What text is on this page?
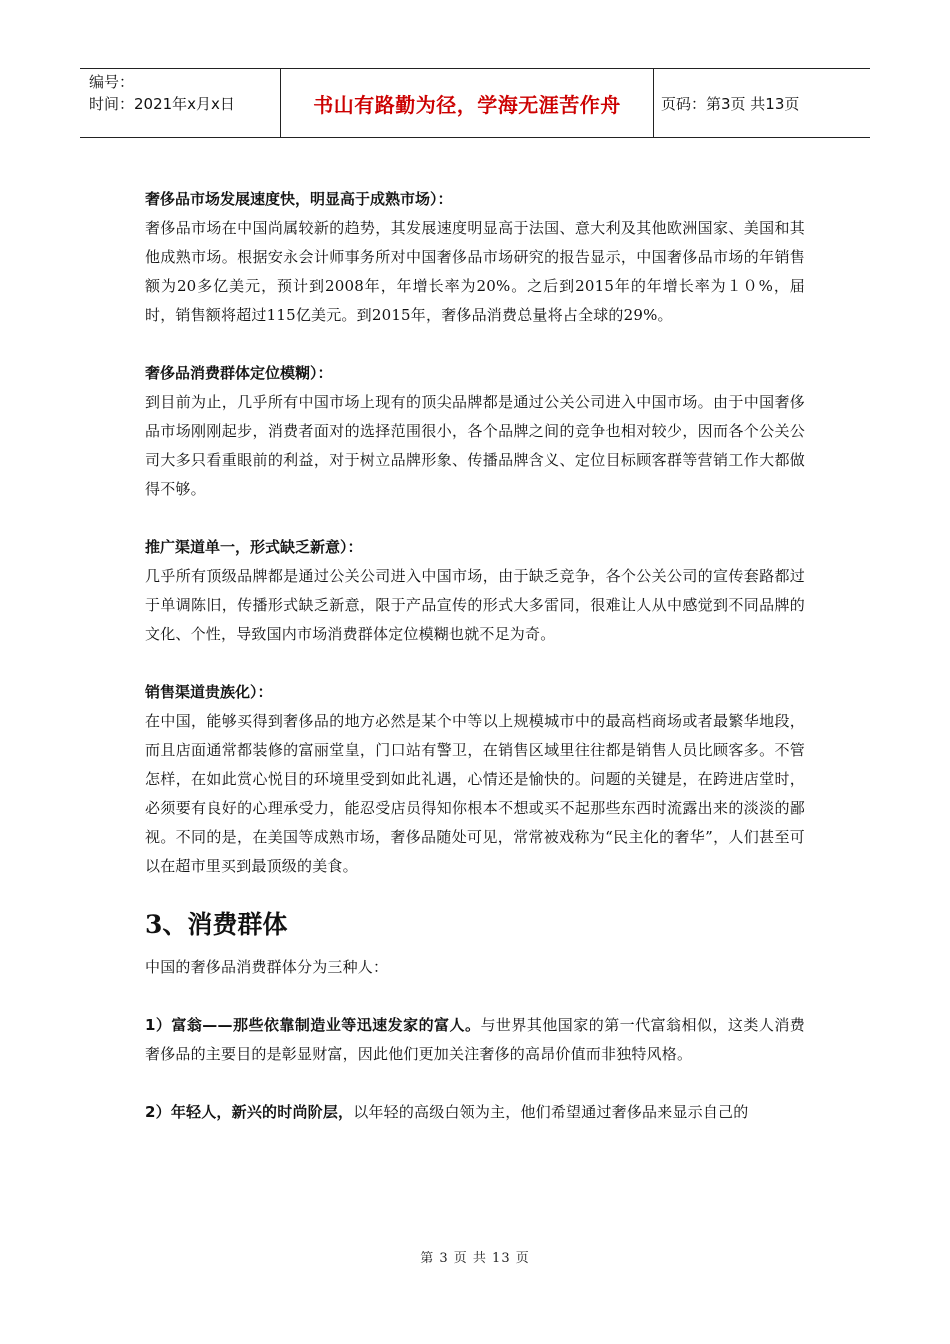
编号：
时间：2021年x月x日	书山有路勤为径，学海无涯苦作舟	页码：第3页 共13页
奢侈品市场发展速度快，明显高于成熟市场）：

奢侈品市场在中国尚属较新的趋势，其发展速度明显高于法国、意大利及其他欧洲国家、美国和其他成熟市场。根据安永会计师事务所对中国奢侈品市场研究的报告显示，中国奢侈品市场的年销售额为20多亿美元，预计到2008年，年增长率为20%。之后到2015年的年增长率为１０%，届时，销售额将超过115亿美元。到2015年，奢侈品消费总量将占全球的29%。

奢侈品消费群体定位模糊）：

到目前为止，几乎所有中国市场上现有的顶尖品牌都是通过公关公司进入中国市场。由于中国奢侈品市场刚刚起步，消费者面对的选择范围很小，各个品牌之间的竞争也相对较少，因而各个公关公司大多只看重眼前的利益，对于树立品牌形象、传播品牌含义、定位目标顾客群等营销工作大都做得不够。

推广渠道单一，形式缺乏新意）：

几乎所有顶级品牌都是通过公关公司进入中国市场，由于缺乏竞争，各个公关公司的宣传套路都过于单调陈旧，传播形式缺乏新意，限于产品宣传的形式大多雷同，很难让人从中感觉到不同品牌的文化、个性，导致国内市场消费群体定位模糊也就不足为奇。

销售渠道贵族化）：

在中国，能够买得到奢侈品的地方必然是某个中等以上规模城市中的最高档商场或者最繁华地段，而且店面通常都装修的富丽堂皇，门口站有警卫，在销售区域里往往都是销售人员比顾客多。不管怎样，在如此赏心悦目的环境里受到如此礼遇，心情还是愉快的。问题的关键是，在跨进店堂时，必须要有良好的心理承受力，能忍受店员得知你根本不想或买不起那些东西时流露出来的淡淡的鄙视。不同的是，在美国等成熟市场，奢侈品随处可见，常常被戏称为“民主化的奢华”，人们甚至可以在超市里买到最顶级的美食。

3、消费群体

中国的奢侈品消费群体分为三种人：

1）富翁——那些依靠制造业等迅速发家的富人。与世界其他国家的第一代富翁相似，这类人消费奢侈品的主要目的是彰显财富，因此他们更加关注奢侈的高昂价值而非独特风格。

2）年轻人，新兴的时尚阶层，以年轻的高级白领为主，他们希望通过奢侈品来显示自己的

第 3 页 共 13 页
